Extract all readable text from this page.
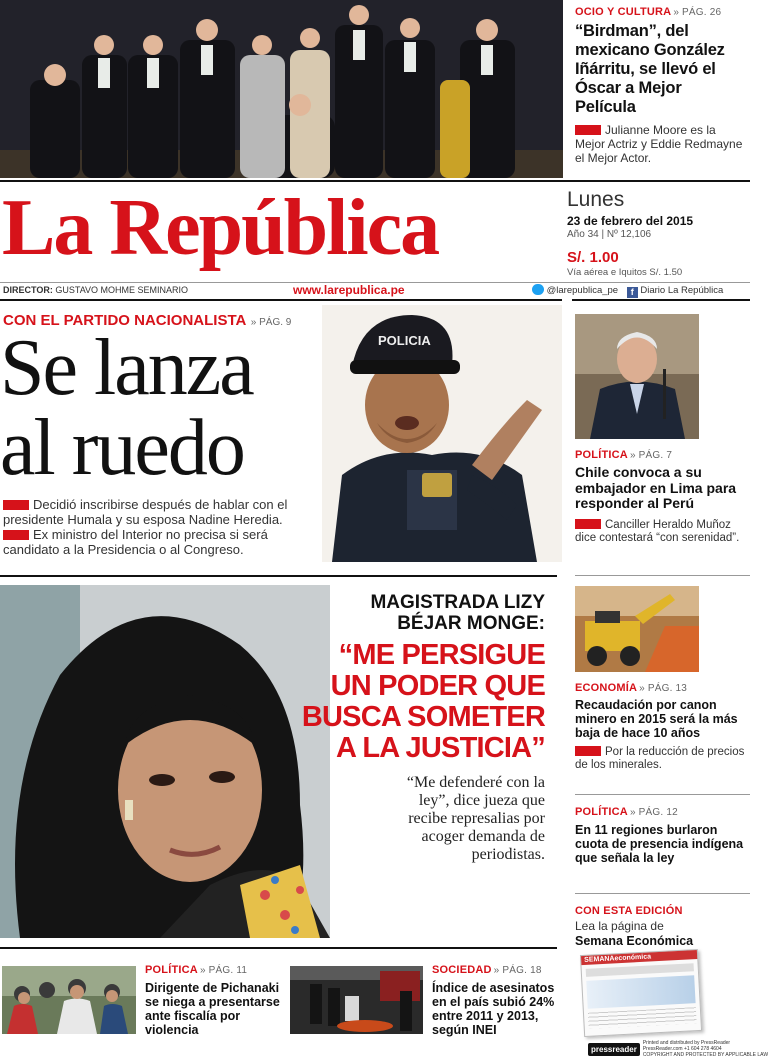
OCIO Y CULTURA » PÁG. 26
“Birdman”, del mexicano González Iñárritu, se llevó el Óscar a Mejor Película
Julianne Moore es la Mejor Actriz y Eddie Redmayne el Mejor Actor.
La República	Lunes
23 de febrero del 2015
Año 34 | Nº 12,106
S/. 1.00
Vía aérea e Iquitos S/. 1.50
DIRECTOR: GUSTAVO MOHME SEMINARIO	www.larepublica.pe	@larepublica_pe f Diario La República
CON EL PARTIDO NACIONALISTA » PÁG. 9
Se lanza
al ruedo
Decidió inscribirse después de hablar con el presidente Humala y su esposa Nadine Heredia.
Ex ministro del Interior no precisa si será candidato a la Presidencia o al Congreso.
POLICIA
POLÍTICA » PÁG. 7
Chile convoca a su embajador en Lima para responder al Perú
Canciller Heraldo Muñoz dice contestará “con serenidad”.
MAGISTRADA LIZY BÉJAR MONGE:
“ME PERSIGUE UN PODER QUE BUSCA SOMETER A LA JUSTICIA”
“Me defenderé con la ley”, dice jueza que recibe represalias por acoger demanda de periodistas.
ECONOMÍA » PÁG. 13
Recaudación por canon minero en 2015 será la más baja de hace 10 años
Por la reducción de precios de los minerales.
POLÍTICA » PÁG. 12
En 11 regiones burlaron cuota de presencia indígena que señala la ley
CON ESTA EDICIÓN
Lea la página de
Semana Económica
SEMANAeconómica
POLÍTICA » PÁG. 11
Dirigente de Pichanaki se niega a presentarse ante fiscalía por violencia
SOCIEDAD » PÁG. 18
Índice de asesinatos en el país subió 24% entre 2011 y 2013, según INEI
pressreader
Printed and distributed by PressReader
PressReader.com +1 604 278 4604
COPYRIGHT AND PROTECTED BY APPLICABLE LAW
